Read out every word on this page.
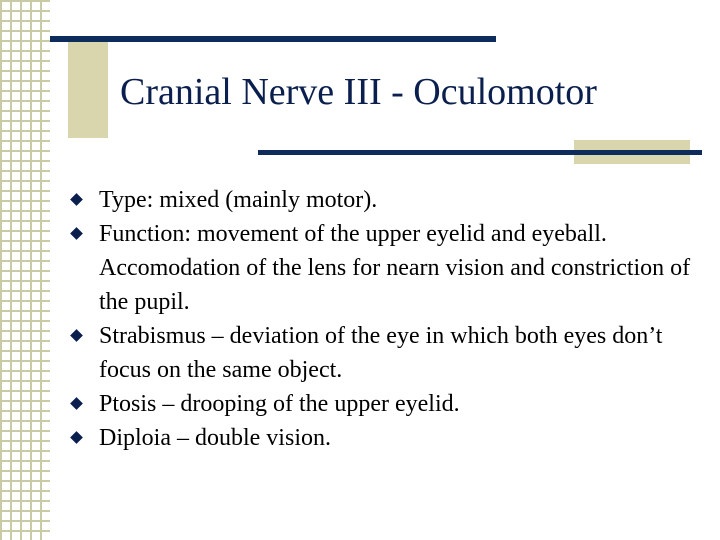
Cranial Nerve III - Oculomotor
Type: mixed (mainly motor).
Function: movement of the upper eyelid and eyeball. Accomodation of the lens for nearn vision and constriction of the pupil.
Strabismus – deviation of the eye in which both eyes don’t focus on the same object.
Ptosis – drooping of the upper eyelid.
Diploia – double vision.
